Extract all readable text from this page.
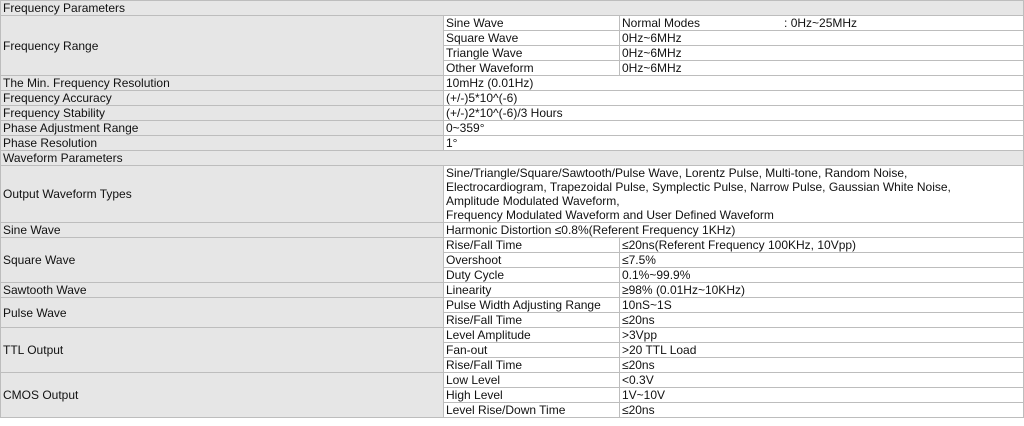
Frequency Parameters		
Frequency Range	Sine Wave	Normal Modes : 0Hz~25MHz
	Square Wave	0Hz~6MHz
	Triangle Wave	0Hz~6MHz
	Other Waveform	0Hz~6MHz
The Min. Frequency Resolution	10mHz (0.01Hz)	
Frequency Accuracy	(+/-)5*10^(-6)	
Frequency Stability	(+/-)2*10^(-6)/3 Hours	
Phase Adjustment Range	0~359°	
Phase Resolution	1°	
Waveform Parameters		
Output Waveform Types	Sine/Triangle/Square/Sawtooth/Pulse Wave, Lorentz Pulse, Multi-tone, Random Noise,
Electrocardiogram, Trapezoidal Pulse, Symplectic Pulse, Narrow Pulse, Gaussian White Noise,
Amplitude Modulated Waveform,
Frequency Modulated Waveform and User Defined Waveform	

Sine Wave	Harmonic Distortion ≤0.8%(Referent Frequency 1KHz)	
Square Wave	Rise/Fall Time	≤20ns(Referent Frequency 100KHz, 10Vpp)
	Overshoot	≤7.5%
	Duty Cycle	0.1%~99.9%
Sawtooth Wave	Linearity	≥98% (0.01Hz~10KHz)
Pulse Wave	Pulse Width Adjusting Range	10nS~1S
	Rise/Fall Time	≤20ns
TTL Output	Level Amplitude	>3Vpp
	Fan-out	>20 TTL Load
	Rise/Fall Time	≤20ns
CMOS Output	Low Level	<0.3V
	High Level	1V~10V
	Level Rise/Down Time	≤20ns
